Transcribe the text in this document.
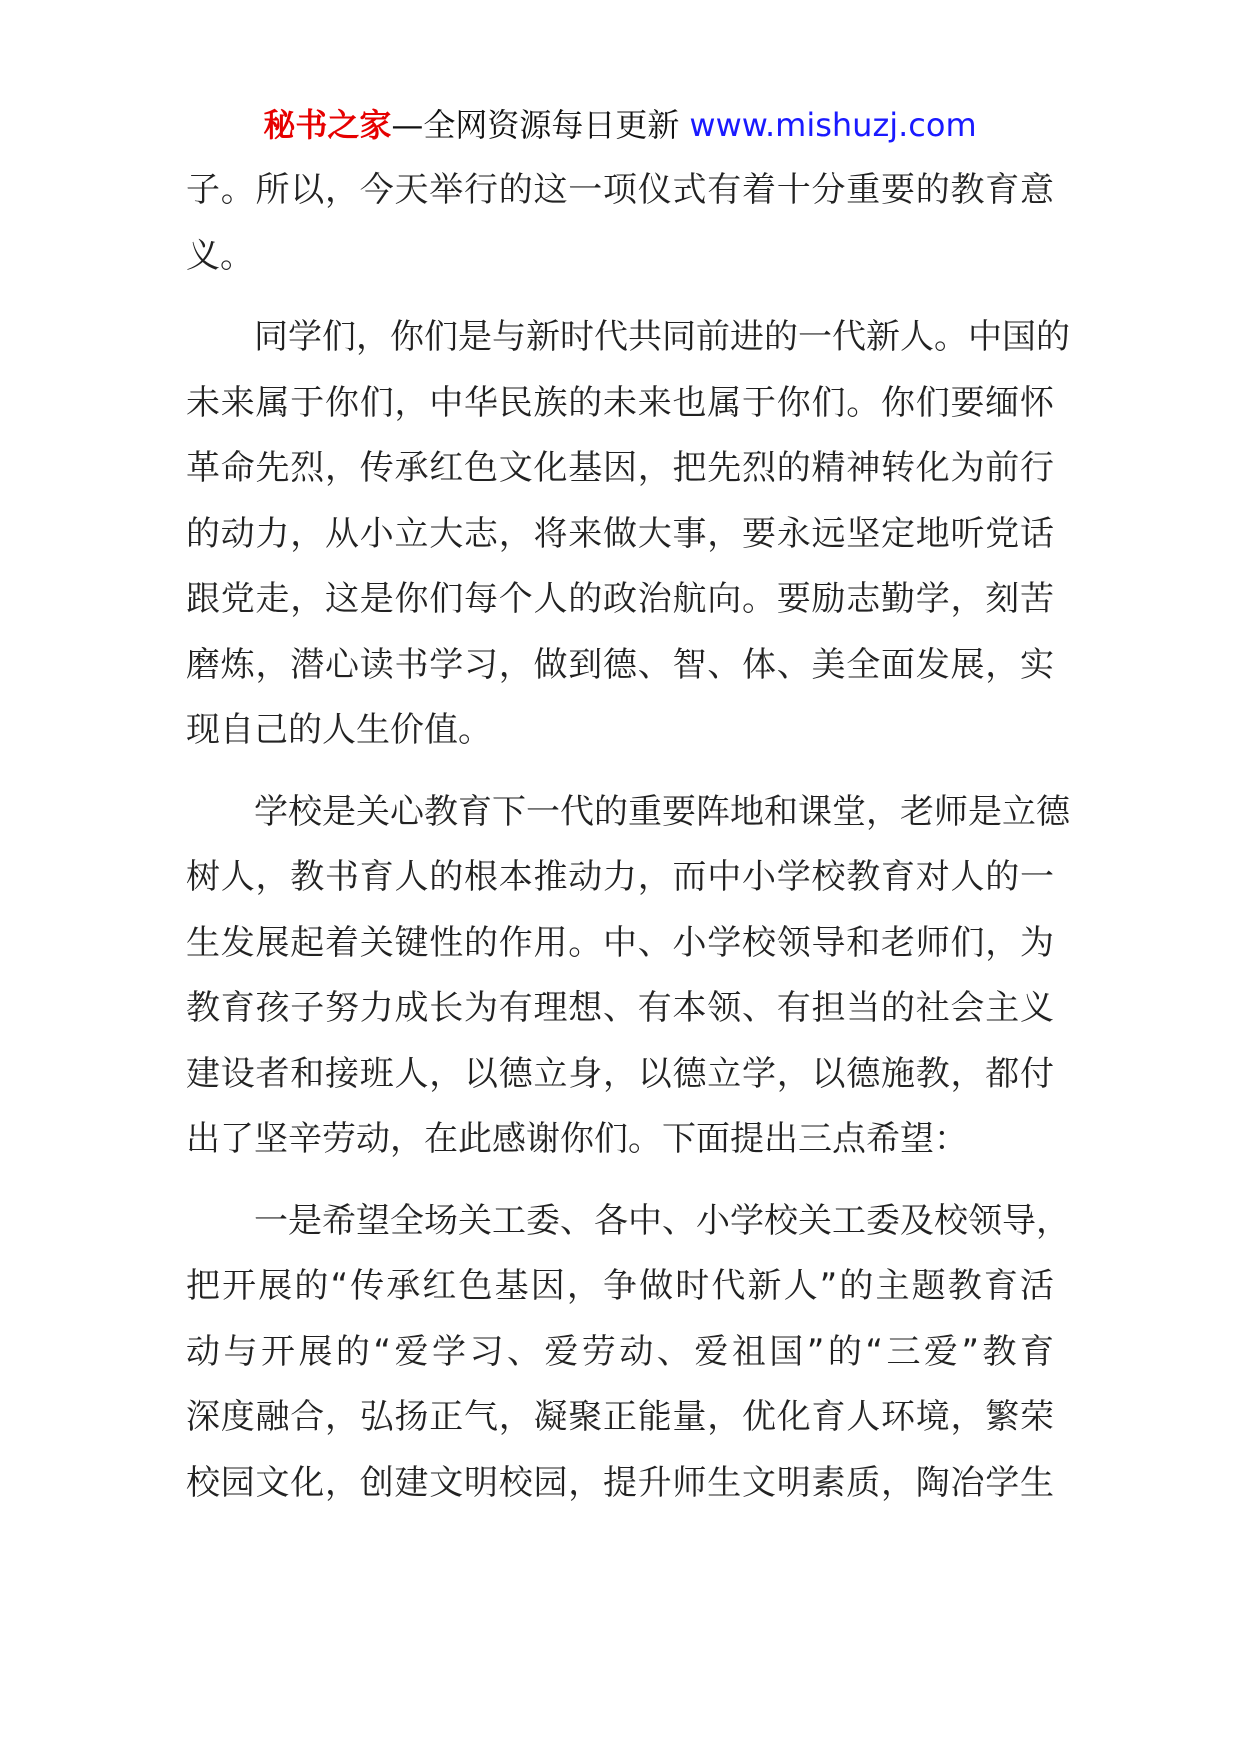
秘书之家—全网资源每日更新 www.mishuzj.com

子。所以，今天举行的这一项仪式有着十分重要的教育意
义。

同学们，你们是与新时代共同前进的一代新人。中国的
未来属于你们，中华民族的未来也属于你们。你们要缅怀
革命先烈，传承红色文化基因，把先烈的精神转化为前行
的动力，从小立大志，将来做大事，要永远坚定地听党话
跟党走，这是你们每个人的政治航向。要励志勤学，刻苦
磨炼，潜心读书学习，做到德、智、体、美全面发展，实
现自己的人生价值。

学校是关心教育下一代的重要阵地和课堂，老师是立德
树人，教书育人的根本推动力，而中小学校教育对人的一
生发展起着关键性的作用。中、小学校领导和老师们，为
教育孩子努力成长为有理想、有本领、有担当的社会主义
建设者和接班人，以德立身，以德立学，以德施教，都付
出了坚辛劳动，在此感谢你们。下面提出三点希望：

一是希望全场关工委、各中、小学校关工委及校领导，
把开展的“传承红色基因，争做时代新人”的主题教育活
动与开展的“爱学习、爱劳动、爱祖国”的“三爱”教育
深度融合，弘扬正气，凝聚正能量，优化育人环境，繁荣
校园文化，创建文明校园，提升师生文明素质，陶冶学生
